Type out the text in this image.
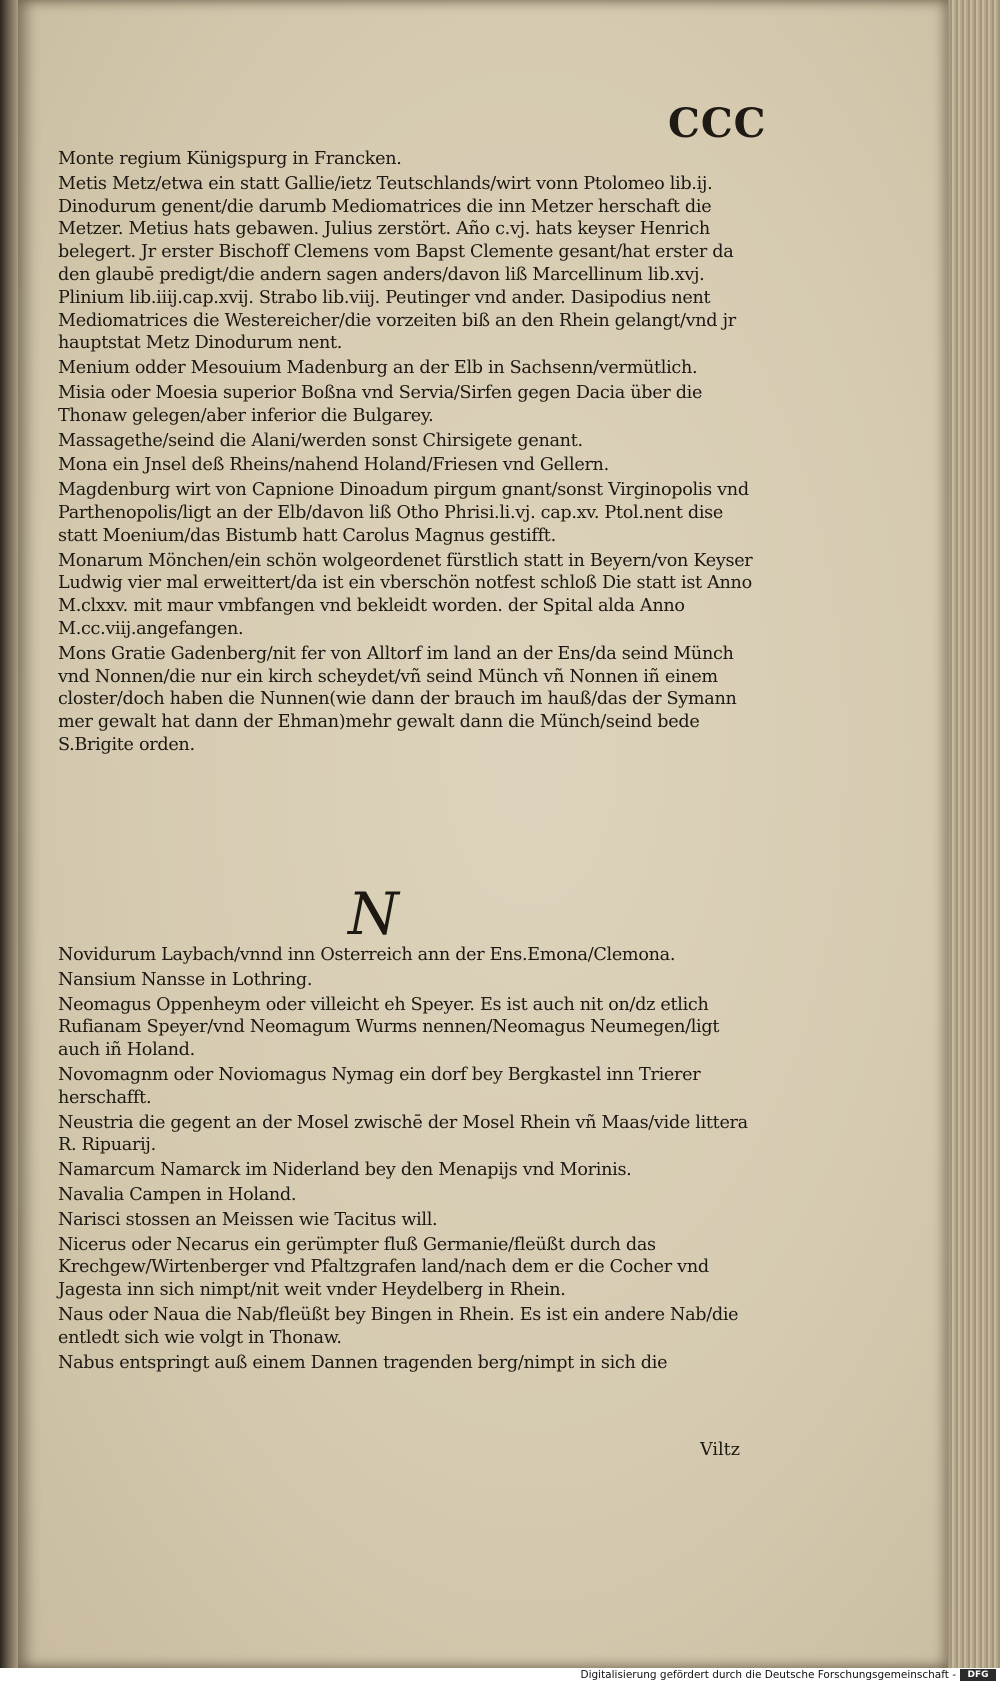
CCC

Monte regium Künigspurg in Francken.

Metis Metz/etwa ein statt Gallie/ietz Teutschlands/wirt vonn Ptolomeo lib.ij. Dinodurum genent/die darumb Mediomatrices die inn Metzer herschaft die Metzer. Metius hats gebawen. Julius zerstört. Año c.vj. hats keyser Henrich belegert. Jr erster Bischoff Clemens vom Bapst Clemente gesant/hat erster da den glaubē predigt/die andern sagen anders/davon liß Marcellinum lib.xvj. Plinium lib.iiij.cap.xvij. Strabo lib.viij. Peutinger vnd ander. Dasipodius nent Mediomatrices die Westereicher/die vorzeiten biß an den Rhein gelangt/vnd jr hauptstat Metz Dinodurum nent.

Menium odder Mesouium Madenburg an der Elb in Sachsenn/vermütlich.

Misia oder Moesia superior Boßna vnd Servia/Sirfen gegen Dacia über die Thonaw gelegen/aber inferior die Bulgarey.

Massagethe/seind die Alani/werden sonst Chirsigete genant.

Mona ein Jnsel deß Rheins/nahend Holand/Friesen vnd Gellern.

Magdenburg wirt von Capnione Dinoadum pirgum gnant/sonst Virginopolis vnd Parthenopolis/ligt an der Elb/davon liß Otho Phrisi.li.vj. cap.xv. Ptol.nent dise statt Moenium/das Bistumb hatt Carolus Magnus gestifft.

Monarum Mönchen/ein schön wolgeordenet fürstlich statt in Beyern/von Keyser Ludwig vier mal erweittert/da ist ein vberschön notfest schloß Die statt ist Anno M.clxxv. mit maur vmbfangen vnd bekleidt worden. der Spital alda Anno M.cc.viij.angefangen.

Mons Gratie Gadenberg/nit fer von Alltorf im land an der Ens/da seind Münch vnd Nonnen/die nur ein kirch scheydet/vñ seind Münch vñ Nonnen iñ einem closter/doch haben die Nunnen(wie dann der brauch im hauß/das der Symann mer gewalt hat dann der Ehman)mehr gewalt dann die Münch/seind bede S.Brigite orden.

N

Novidurum Laybach/vnnd inn Osterreich ann der Ens.Emona/Clemona.

Nansium Nansse in Lothring.

Neomagus Oppenheym oder villeicht eh Speyer. Es ist auch nit on/dz etlich Rufianam Speyer/vnd Neomagum Wurms nennen/Neomagus Neumegen/ligt auch iñ Holand.

Novomagnm oder Noviomagus Nymag ein dorf bey Bergkastel inn Trierer herschafft.

Neustria die gegent an der Mosel zwischē der Mosel Rhein vñ Maas/vide littera R. Ripuarij.

Namarcum Namarck im Niderland bey den Menapijs vnd Morinis.

Navalia Campen in Holand.

Narisci stossen an Meissen wie Tacitus will.

Nicerus oder Necarus ein gerümpter fluß Germanie/fleüßt durch das Krechgew/Wirtenberger vnd Pfaltzgrafen land/nach dem er die Cocher vnd Jagesta inn sich nimpt/nit weit vnder Heydelberg in Rhein.

Naus oder Naua die Nab/fleüßt bey Bingen in Rhein. Es ist ein andere Nab/die entledt sich wie volgt in Thonaw.

Nabus entspringt auß einem Dannen tragenden berg/nimpt in sich die

Viltz
Digitalisierung gefördert durch die Deutsche Forschungsgemeinschaft -	DFG
